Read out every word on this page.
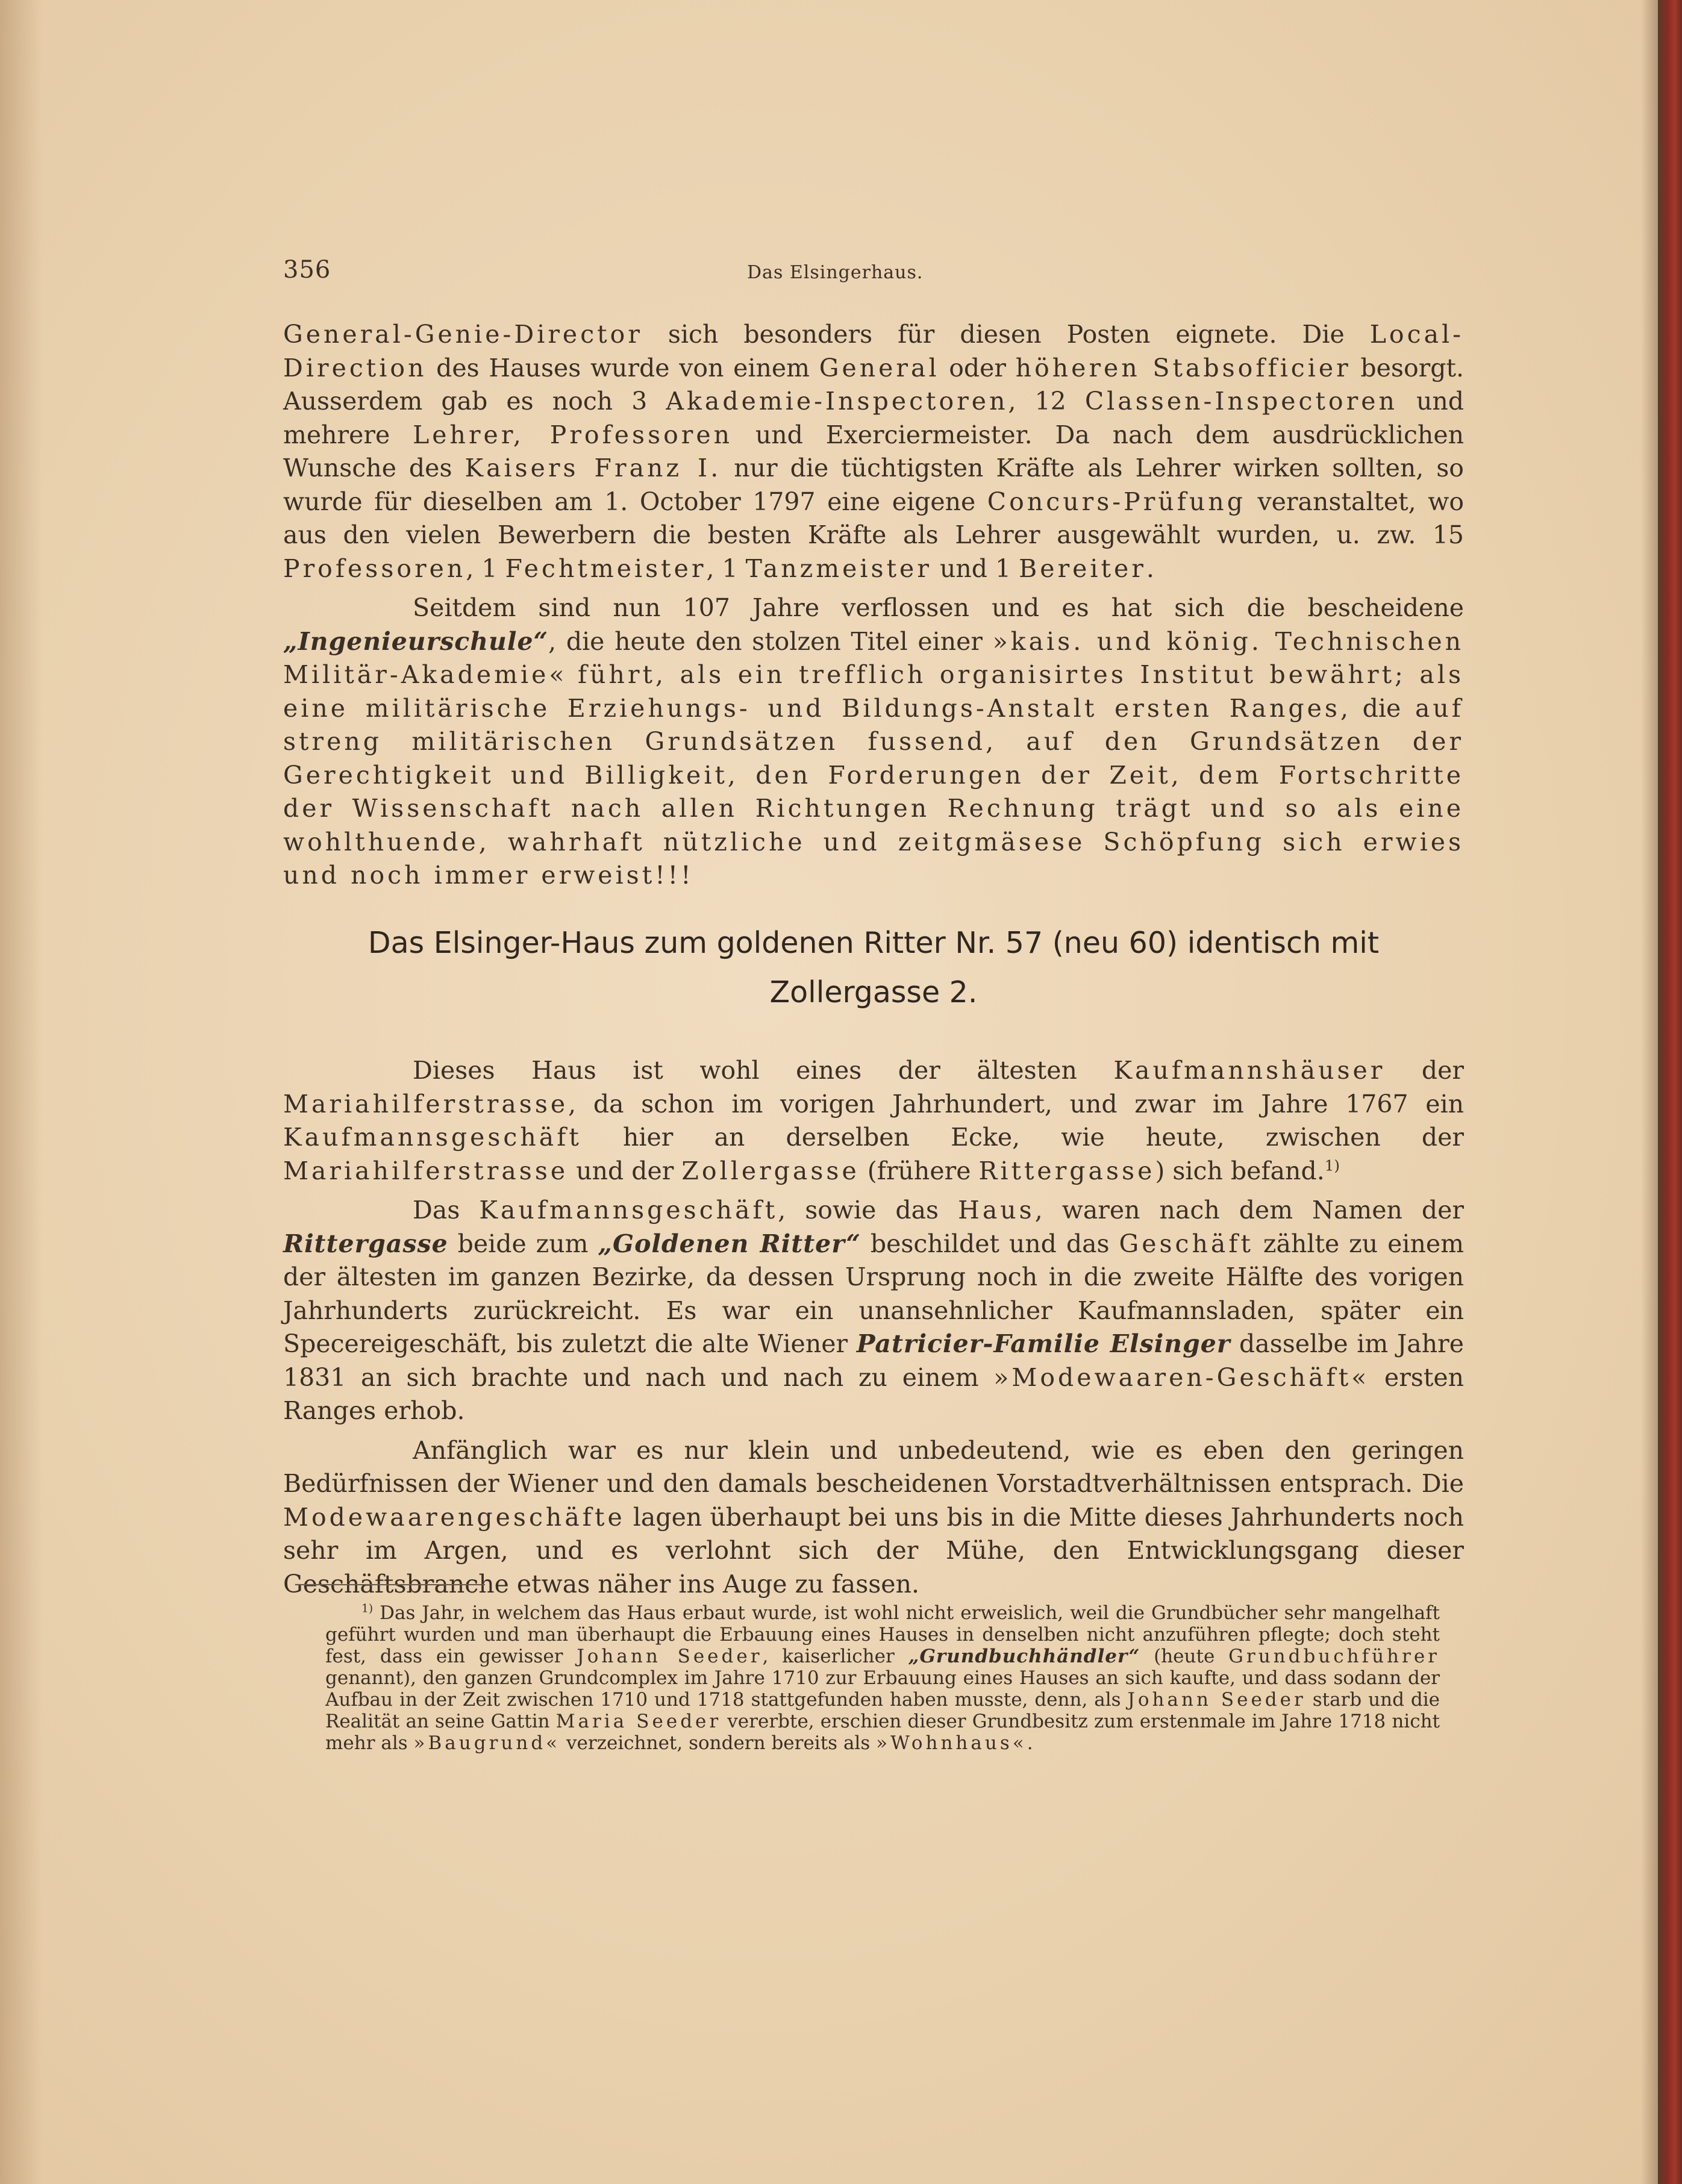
356	Das Elsingerhaus.

General-Genie-Director sich besonders für diesen Posten eignete. Die Local-Direction des Hauses wurde von einem General oder höheren Stabsofficier besorgt. Ausserdem gab es noch 3 Akademie-Inspectoren, 12 Classen-Inspectoren und mehrere Lehrer, Professoren und Exerciermeister. Da nach dem ausdrücklichen Wunsche des Kaisers Franz I. nur die tüchtigsten Kräfte als Lehrer wirken sollten, so wurde für dieselben am 1. October 1797 eine eigene Concurs-Prüfung veranstaltet, wo aus den vielen Bewerbern die besten Kräfte als Lehrer ausgewählt wurden, u. zw. 15 Professoren, 1 Fechtmeister, 1 Tanzmeister und 1 Bereiter.

Seitdem sind nun 107 Jahre verflossen und es hat sich die bescheidene „Ingenieurschule“, die heute den stolzen Titel einer »kais. und könig. Technischen Militär-Akademie« führt, als ein trefflich organisirtes Institut bewährt; als eine militärische Erziehungs- und Bildungs-Anstalt ersten Ranges, die auf streng militärischen Grundsätzen fussend, auf den Grundsätzen der Gerechtigkeit und Billigkeit, den Forderungen der Zeit, dem Fortschritte der Wissenschaft nach allen Richtungen Rechnung trägt und so als eine wohlthuende, wahrhaft nützliche und zeitgmäsese Schöpfung sich erwies und noch immer erweist!!!

Das Elsinger-Haus zum goldenen Ritter Nr. 57 (neu 60) identisch mit
Zollergasse 2.

Dieses Haus ist wohl eines der ältesten Kaufmannshäuser der Mariahilferstrasse, da schon im vorigen Jahrhundert, und zwar im Jahre 1767 ein Kaufmannsgeschäft hier an derselben Ecke, wie heute, zwischen der Mariahilferstrasse und der Zollergasse (frühere Rittergasse) sich befand.$^{1)}$

Das Kaufmannsgeschäft, sowie das Haus, waren nach dem Namen der Rittergasse beide zum „Goldenen Ritter“ beschildet und das Geschäft zählte zu einem der ältesten im ganzen Bezirke, da dessen Ursprung noch in die zweite Hälfte des vorigen Jahrhunderts zurückreicht. Es war ein unansehnlicher Kaufmannsladen, später ein Specereigeschäft, bis zuletzt die alte Wiener Patricier-Familie Elsinger dasselbe im Jahre 1831 an sich brachte und nach und nach zu einem »Modewaaren-Geschäft« ersten Ranges erhob.

Anfänglich war es nur klein und unbedeutend, wie es eben den geringen Bedürfnissen der Wiener und den damals bescheidenen Vorstadtverhältnissen entsprach. Die Modewaarengeschäfte lagen überhaupt bei uns bis in die Mitte dieses Jahrhunderts noch sehr im Argen, und es verlohnt sich der Mühe, den Entwicklungsgang dieser Geschäftsbranche etwas näher ins Auge zu fassen.

$^{1)}$ Das Jahr, in welchem das Haus erbaut wurde, ist wohl nicht erweislich, weil die Grundbücher sehr mangelhaft geführt wurden und man überhaupt die Erbauung eines Hauses in denselben nicht anzuführen pflegte; doch steht fest, dass ein gewisser Johann Seeder, kaiserlicher „Grundbuchhändler“ (heute Grundbuchführer genannt), den ganzen Grundcomplex im Jahre 1710 zur Erbauung eines Hauses an sich kaufte, und dass sodann der Aufbau in der Zeit zwischen 1710 und 1718 stattgefunden haben musste, denn, als Johann Seeder starb und die Realität an seine Gattin Maria Seeder vererbte, erschien dieser Grundbesitz zum erstenmale im Jahre 1718 nicht mehr als »Baugrund« verzeichnet, sondern bereits als »Wohnhaus«.
